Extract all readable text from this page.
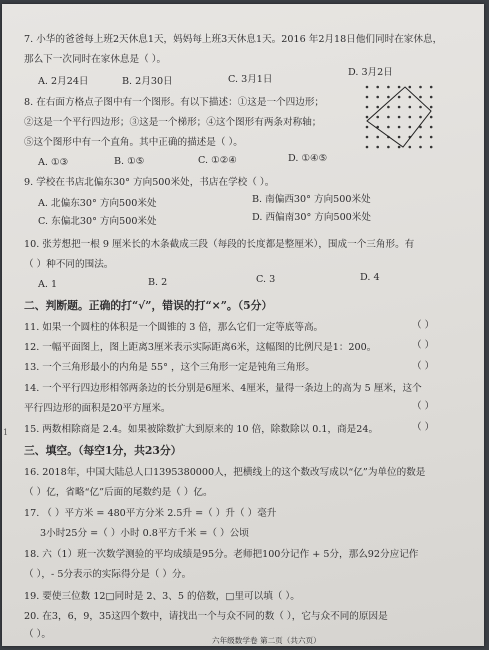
7. 小华的爸爸每上班2天休息1天，妈妈每上班3天休息1天。2016 年2月18日他们同时在家休息，
那么下一次同时在家休息是（ ）。
A. 2月24日	B. 2月30日	C. 3月1日
D. 3月2日
8. 在右面方格点子图中有一个图形。有以下描述：①这是一个四边形；
②这是一个平行四边形；③这是一个梯形；④这个图形有两条对称轴；
⑤这个图形中有一个直角。其中正确的描述是（ ）。
A. ①③	B. ①⑤	C. ①②④	D. ①④⑤
9. 学校在书店北偏东30° 方向500米处，书店在学校（ ）。
A. 北偏东30° 方向500米处	B. 南偏西30° 方向500米处
C. 东偏北30° 方向500米处	D. 西偏南30° 方向500米处
10. 张芳想把一根 9 厘米长的木条截成三段（每段的长度都是整厘米），围成一个三角形。有
（ ）种不同的围法。
A. 1	B. 2	C. 3	D. 4
二、判断题。正确的打“√”，错误的打“×”。（5分）
11. 如果一个圆柱的体积是一个圆锥的 3 倍，那么它们一定等底等高。	（ ）
12. 一幅平面图上，图上距离3厘米表示实际距离6米，这幅图的比例尺是1：200。	（ ）
13. 一个三角形最小的内角是 55° ，这个三角形一定是钝角三角形。	（ ）
14. 一个平行四边形相邻两条边的长分别是6厘米、4厘米，量得一条边上的高为 5 厘米，这个
平行四边形的面积是20平方厘米。	（ ）
15. 两数相除商是 2.4。如果被除数扩大到原来的 10 倍，除数除以 0.1，商是24。	（ ）
三、填空。（每空1分，共23分）
16. 2018年，中国大陆总人口1395380000人，把横线上的这个数改写成以“亿”为单位的数是
（ ）亿，省略“亿”后面的尾数约是（ ）亿。
17. （ ）平方米 = 480平方分米 2.5升 =（ ）升（ ）毫升
3小时25分 =（ ）小时 0.8平方千米 =（ ）公顷
18. 六（1）班一次数学测验的平均成绩是95分。老师把100分记作 + 5分，那么92分应记作
（ ），- 5分表示的实际得分是（ ）分。
19. 要使三位数 12□同时是 2、3、5 的倍数，□里可以填（ ）。
20. 在3，6，9，35这四个数中，请找出一个与众不同的数（ ），它与众不同的原因是
（ ）。
六年级数学卷 第二页（共六页）
1
